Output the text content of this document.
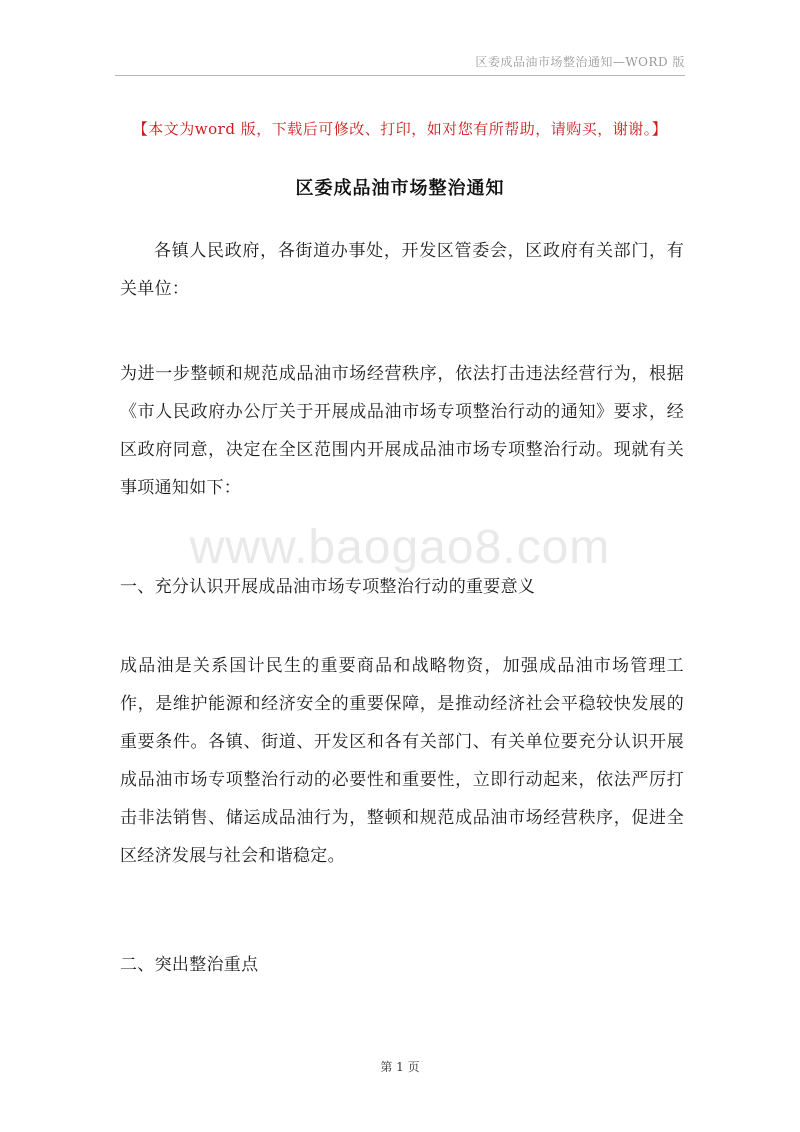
区委成品油市场整治通知—WORD 版
【本文为word 版，下载后可修改、打印，如对您有所帮助，请购买，谢谢。】
区委成品油市场整治通知
各镇人民政府，各街道办事处，开发区管委会，区政府有关部门，有关单位：
为进一步整顿和规范成品油市场经营秩序，依法打击违法经营行为，根据《市人民政府办公厅关于开展成品油市场专项整治行动的通知》要求，经区政府同意，决定在全区范围内开展成品油市场专项整治行动。现就有关事项通知如下：
www.baogao8.com
一、充分认识开展成品油市场专项整治行动的重要意义
成品油是关系国计民生的重要商品和战略物资，加强成品油市场管理工作，是维护能源和经济安全的重要保障，是推动经济社会平稳较快发展的重要条件。各镇、街道、开发区和各有关部门、有关单位要充分认识开展成品油市场专项整治行动的必要性和重要性，立即行动起来，依法严厉打击非法销售、储运成品油行为，整顿和规范成品油市场经营秩序，促进全区经济发展与社会和谐稳定。
二、突出整治重点
第 1 页
